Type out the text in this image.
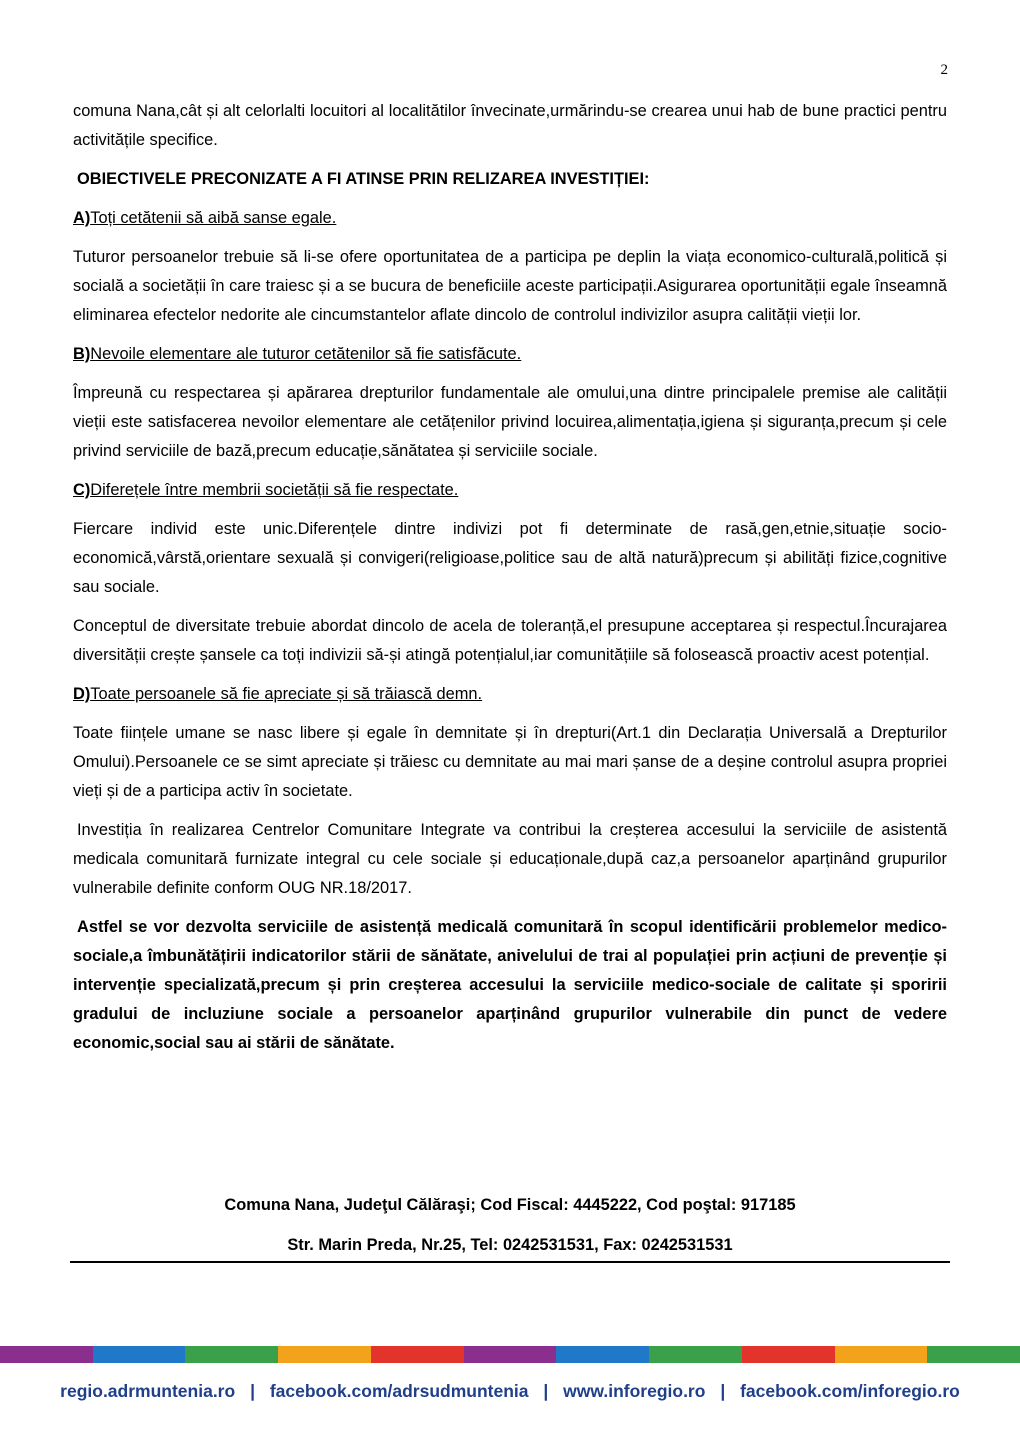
2

comuna Nana,cât și alt celorlalti locuitori al localitătilor învecinate,urmărindu-se crearea unui hab de bune practici pentru activitățile specifice.

OBIECTIVELE PRECONIZATE A FI ATINSE PRIN RELIZAREA INVESTIȚIEI:

A)Toți cetătenii să aibă sanse egale.

Tuturor persoanelor trebuie să li-se ofere oportunitatea de a participa pe deplin la viața economico-culturală,politică și socială a societății în care traiesc și a se bucura de beneficiile aceste participații.Asigurarea oportunității egale înseamnă eliminarea efectelor nedorite ale cincumstantelor aflate dincolo de controlul indivizilor asupra calității vieții lor.

B)Nevoile elementare ale tuturor cetătenilor să fie satisfăcute.

Împreună cu respectarea și apărarea drepturilor fundamentale ale omului,una dintre principalele premise ale calității vieții este satisfacerea nevoilor elementare ale cetățenilor privind locuirea,alimentația,igiena și siguranța,precum și cele privind serviciile de bază,precum educație,sănătatea și serviciile sociale.

C)Diferețele între membrii societății să fie respectate.

Fiercare individ este unic.Diferențele dintre indivizi pot fi determinate de rasă,gen,etnie,situație socio-economică,vârstă,orientare sexuală și convigeri(religioase,politice sau de altă natură)precum și abilități fizice,cognitive sau sociale.

Conceptul de diversitate trebuie abordat dincolo de acela de toleranță,el presupune acceptarea și respectul.Încurajarea diversității crește șansele ca toți indivizii să-și atingă potențialul,iar comunitățiile să folosească proactiv acest potențial.

D)Toate persoanele să fie apreciate și să trăiască demn.

Toate ființele umane se nasc libere și egale în demnitate și în drepturi(Art.1 din Declarația Universală a Drepturilor Omului).Persoanele ce se simt apreciate și trăiesc cu demnitate au mai mari șanse de a deșine controlul asupra propriei vieți și de a participa activ în societate.

Investiția în realizarea Centrelor Comunitare Integrate va contribui la creșterea accesului la serviciile de asistentă medicala comunitară furnizate integral cu cele sociale și educaționale,după caz,a persoanelor aparținând grupurilor vulnerabile definite conform OUG NR.18/2017.

Astfel se vor dezvolta serviciile de asistență medicală comunitară în scopul identificării problemelor medico-sociale,a îmbunătățirii indicatorilor stării de sănătate, anivelului de trai al populației prin acțiuni de prevenție și intervenție specializată,precum și prin creșterea accesului la serviciile medico-sociale de calitate și sporirii gradului de incluziune sociale a persoanelor aparținând grupurilor vulnerabile din punct de vedere economic,social sau ai stării de sănătate.

Comuna Nana, Judeţul Călăraşi; Cod Fiscal: 4445222, Cod poştal: 917185
Str. Marin Preda, Nr.25, Tel: 0242531531, Fax: 0242531531
regio.adrmuntenia.ro | facebook.com/adrsudmuntenia | www.inforegio.ro | facebook.com/inforegio.ro
